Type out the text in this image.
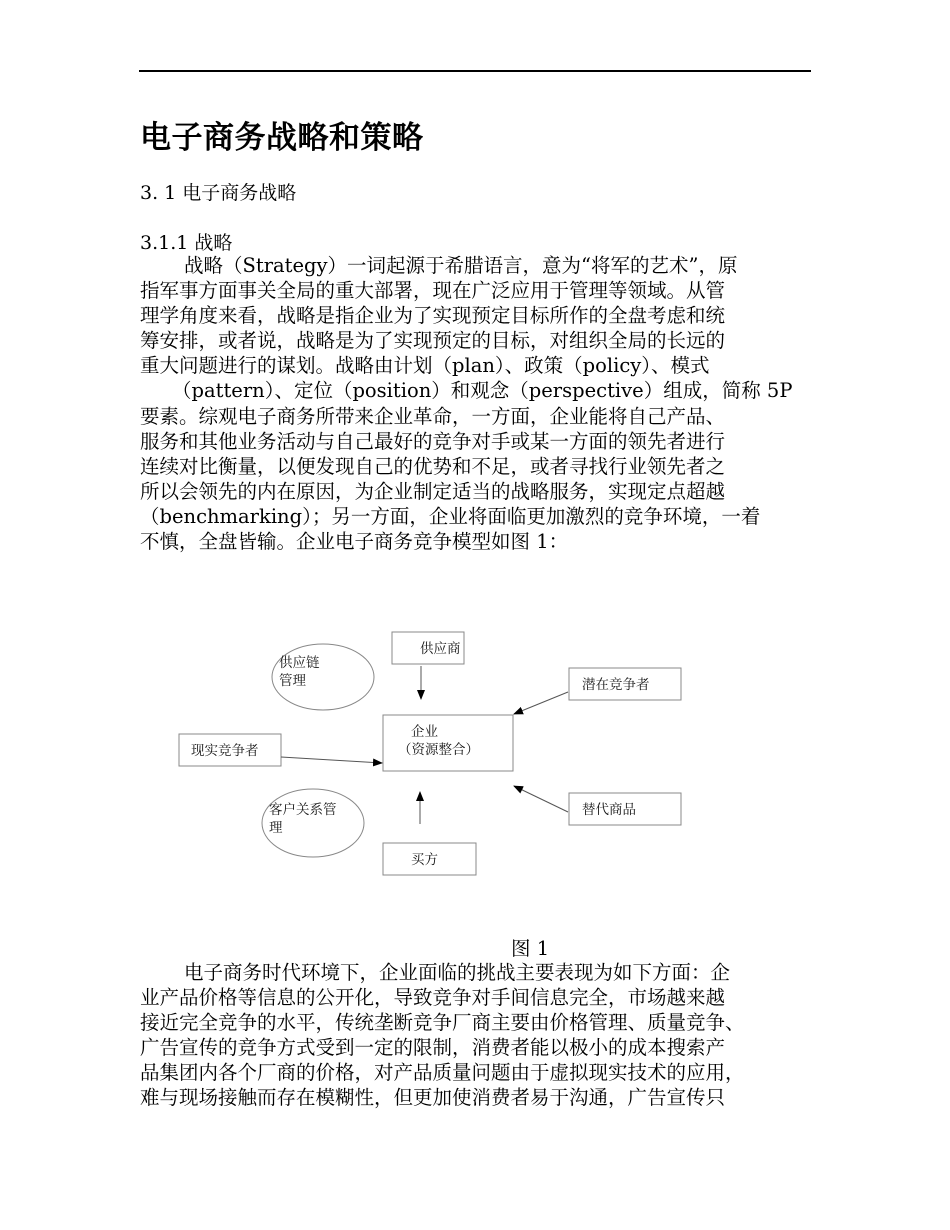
电子商务战略和策略
3. 1 电子商务战略
3.1.1 战略
战略（Strategy）一词起源于希腊语言，意为“将军的艺术”，原
指军事方面事关全局的重大部署，现在广泛应用于管理等领域。从管
理学角度来看，战略是指企业为了实现预定目标所作的全盘考虑和统
筹安排，或者说，战略是为了实现预定的目标，对组织全局的长远的
重大问题进行的谋划。战略由计划（plan）、政策（policy）、模式
（pattern）、定位（position）和观念（perspective）组成，简称 5P
要素。综观电子商务所带来企业革命，一方面，企业能将自己产品、
服务和其他业务活动与自己最好的竞争对手或某一方面的领先者进行
连续对比衡量，以便发现自己的优势和不足，或者寻找行业领先者之
所以会领先的内在原因，为企业制定适当的战略服务，实现定点超越
（benchmarking）；另一方面，企业将面临更加激烈的竞争环境，一着
不慎，全盘皆输。企业电子商务竞争模型如图 1：
供应商
供应链
管理	潜在竞争者
企业
（资源整合）
现实竞争者
替代商品
客户关系管
理
买方
图 1
电子商务时代环境下，企业面临的挑战主要表现为如下方面：企
业产品价格等信息的公开化，导致竞争对手间信息完全，市场越来越
接近完全竞争的水平，传统垄断竞争厂商主要由价格管理、质量竞争、
广告宣传的竞争方式受到一定的限制，消费者能以极小的成本搜索产
品集团内各个厂商的价格，对产品质量问题由于虚拟现实技术的应用，
难与现场接触而存在模糊性，但更加使消费者易于沟通，广告宣传只
